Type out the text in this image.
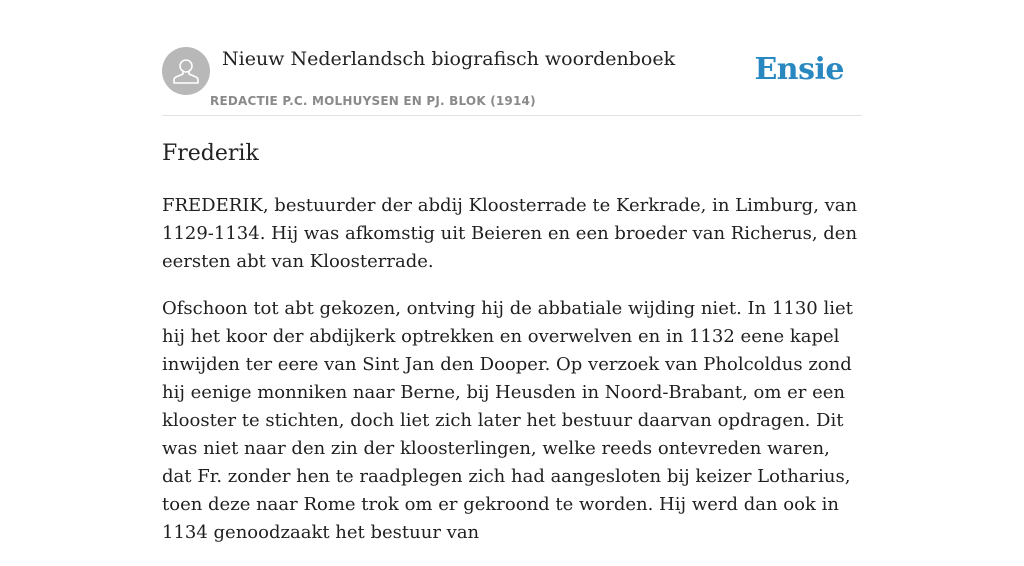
Nieuw Nederlandsch biografisch woordenboek
REDACTIE P.C. MOLHUYSEN EN PJ. BLOK (1914)
Ensie
Frederik

FREDERIK, bestuurder der abdij Kloosterrade te Kerkrade, in Limburg, van 1129-1134. Hij was afkomstig uit Beieren en een broeder van Richerus, den eersten abt van Kloosterrade.

Ofschoon tot abt gekozen, ontving hij de abbatiale wijding niet. In 1130 liet hij het koor der abdijkerk optrekken en overwelven en in 1132 eene kapel inwijden ter eere van Sint Jan den Dooper. Op verzoek van Pholcoldus zond hij eenige monniken naar Berne, bij Heusden in Noord-Brabant, om er een klooster te stichten, doch liet zich later het bestuur daarvan opdragen. Dit was niet naar den zin der kloosterlingen, welke reeds ontevreden waren, dat Fr. zonder hen te raadplegen zich had aangesloten bij keizer Lotharius, toen deze naar Rome trok om er gekroond te worden. Hij werd dan ook in 1134 genoodzaakt het bestuur van
